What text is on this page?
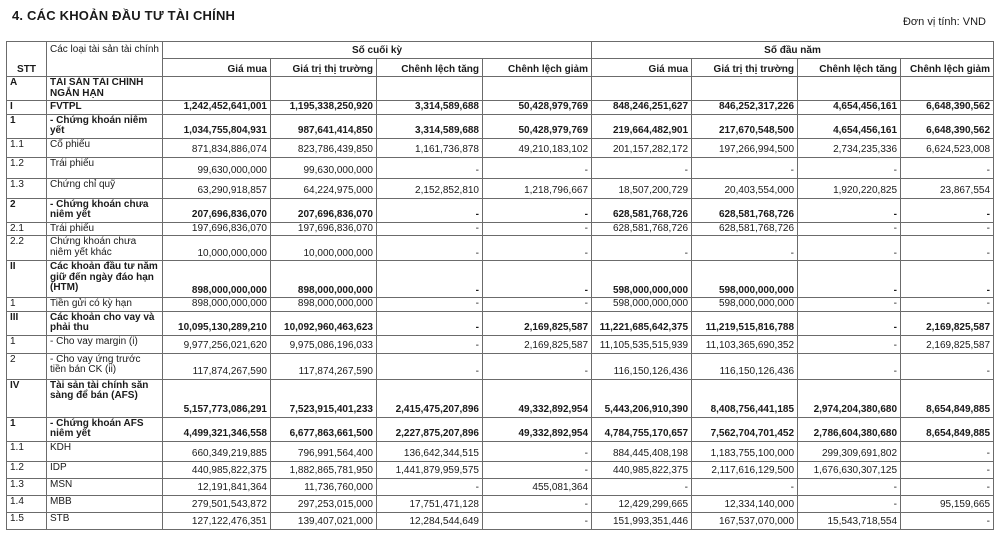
4. CÁC KHOẢN ĐẦU TƯ TÀI CHÍNH	Đơn vị tính: VND
STT	Các loại tài sản tài chính	Số cuối kỳ				Số đầu năm			
		Giá mua	Giá trị thị trường	Chênh lệch tăng	Chênh lệch giảm	Giá mua	Giá trị thị trường	Chênh lệch tăng	Chênh lệch giảm
A	TÀI SẢN TÀI CHÍNH NGẮN HẠN								
I	FVTPL	1,242,452,641,001	1,195,338,250,920	3,314,589,688	50,428,979,769	848,246,251,627	846,252,317,226	4,654,456,161	6,648,390,562
1	- Chứng khoán niêm yết	1,034,755,804,931	987,641,414,850	3,314,589,688	50,428,979,769	219,664,482,901	217,670,548,500	4,654,456,161	6,648,390,562
1.1	Cổ phiếu	871,834,886,074	823,786,439,850	1,161,736,878	49,210,183,102	201,157,282,172	197,266,994,500	2,734,235,336	6,624,523,008
1.2	Trái phiếu	99,630,000,000	99,630,000,000	-	-	-	-	-	-
1.3	Chứng chỉ quỹ	63,290,918,857	64,224,975,000	2,152,852,810	1,218,796,667	18,507,200,729	20,403,554,000	1,920,220,825	23,867,554
2	- Chứng khoán chưa niêm yết	207,696,836,070	207,696,836,070	-	-	628,581,768,726	628,581,768,726	-	-
2.1	Trái phiếu	197,696,836,070	197,696,836,070	-	-	628,581,768,726	628,581,768,726	-	-
2.2	Chứng khoán chưa niêm yết khác	10,000,000,000	10,000,000,000	-	-	-	-	-	-
II	Các khoản đầu tư nắm giữ đến ngày đáo hạn (HTM)	898,000,000,000	898,000,000,000	-	-	598,000,000,000	598,000,000,000	-	-
1	Tiền gửi có kỳ hạn	898,000,000,000	898,000,000,000	-	-	598,000,000,000	598,000,000,000	-	-
III	Các khoản cho vay và phải thu	10,095,130,289,210	10,092,960,463,623	-	2,169,825,587	11,221,685,642,375	11,219,515,816,788	-	2,169,825,587
1	- Cho vay margin (i)	9,977,256,021,620	9,975,086,196,033	-	2,169,825,587	11,105,535,515,939	11,103,365,690,352	-	2,169,825,587
2	- Cho vay ứng trước tiền bán CK (ii)	117,874,267,590	117,874,267,590	-	-	116,150,126,436	116,150,126,436	-	-
IV	Tài sản tài chính sẵn sàng để bán (AFS)	5,157,773,086,291	7,523,915,401,233	2,415,475,207,896	49,332,892,954	5,443,206,910,390	8,408,756,441,185	2,974,204,380,680	8,654,849,885
1	- Chứng khoán AFS niêm yết	4,499,321,346,558	6,677,863,661,500	2,227,875,207,896	49,332,892,954	4,784,755,170,657	7,562,704,701,452	2,786,604,380,680	8,654,849,885
1.1	KDH	660,349,219,885	796,991,564,400	136,642,344,515	-	884,445,408,198	1,183,755,100,000	299,309,691,802	-
1.2	IDP	440,985,822,375	1,882,865,781,950	1,441,879,959,575	-	440,985,822,375	2,117,616,129,500	1,676,630,307,125	-
1.3	MSN	12,191,841,364	11,736,760,000	-	455,081,364	-	-	-	-
1.4	MBB	279,501,543,872	297,253,015,000	17,751,471,128	-	12,429,299,665	12,334,140,000	-	95,159,665
1.5	STB	127,122,476,351	139,407,021,000	12,284,544,649	-	151,993,351,446	167,537,070,000	15,543,718,554	-
